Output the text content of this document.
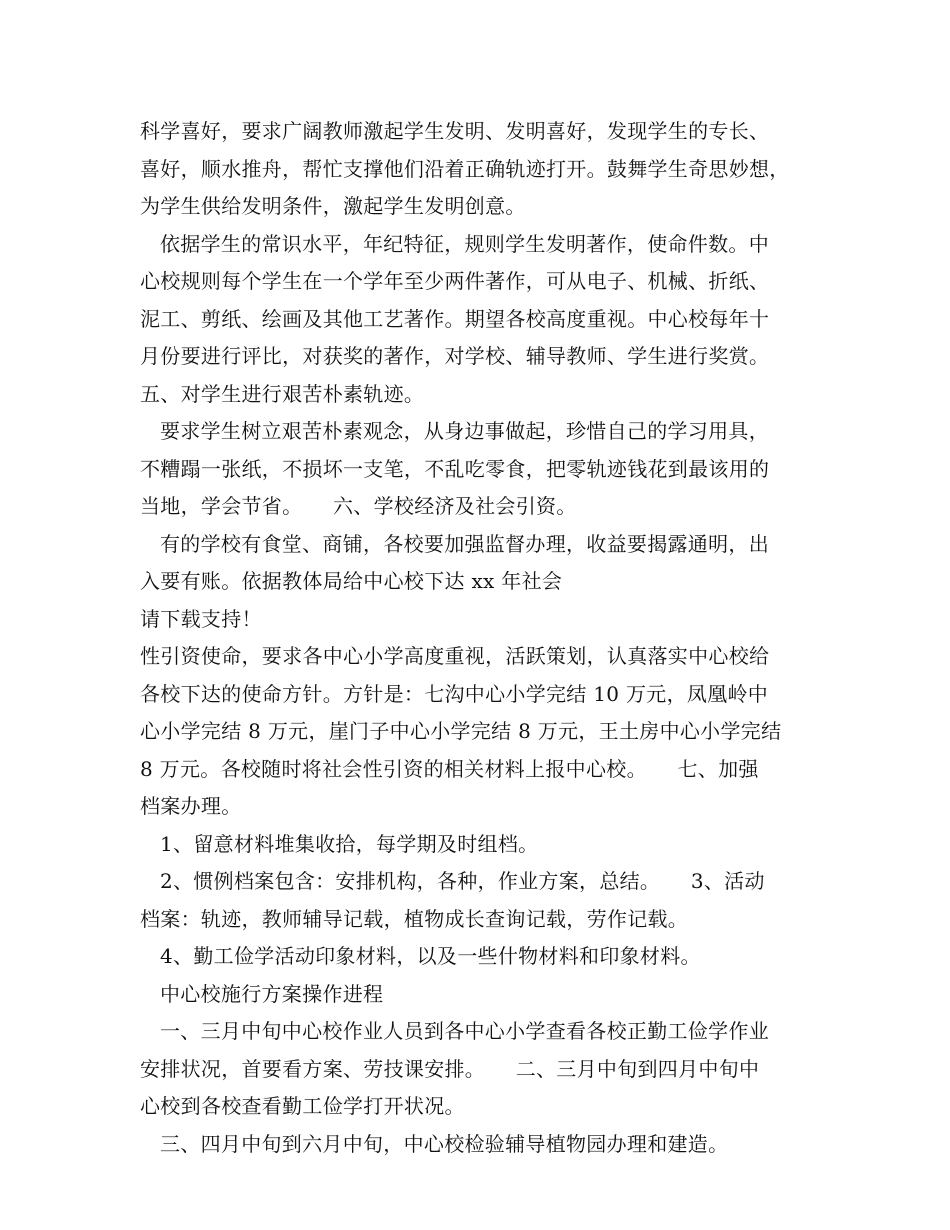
科学喜好，要求广阔教师激起学生发明、发明喜好，发现学生的专长、
喜好，顺水推舟，帮忙支撑他们沿着正确轨迹打开。鼓舞学生奇思妙想，
为学生供给发明条件，激起学生发明创意。
依据学生的常识水平，年纪特征，规则学生发明著作，使命件数。中
心校规则每个学生在一个学年至少两件著作，可从电子、机械、折纸、
泥工、剪纸、绘画及其他工艺著作。期望各校高度重视。中心校每年十
月份要进行评比，对获奖的著作，对学校、辅导教师、学生进行奖赏。
五、对学生进行艰苦朴素轨迹。
要求学生树立艰苦朴素观念，从身边事做起，珍惜自己的学习用具，
不糟蹋一张纸，不损坏一支笔，不乱吃零食，把零轨迹钱花到最该用的
当地，学会节省。　　六、学校经济及社会引资。
有的学校有食堂、商铺，各校要加强监督办理，收益要揭露通明，出
入要有账。依据教体局给中心校下达 xx 年社会
请下载支持！
性引资使命，要求各中心小学高度重视，活跃策划，认真落实中心校给
各校下达的使命方针。方针是：七沟中心小学完结 10 万元，凤凰岭中
心小学完结 8 万元，崖门子中心小学完结 8 万元，王土房中心小学完结
8 万元。各校随时将社会性引资的相关材料上报中心校。　　七、加强
档案办理。
1、留意材料堆集收拾，每学期及时组档。
2、惯例档案包含：安排机构，各种，作业方案，总结。　　3、活动
档案：轨迹，教师辅导记载，植物成长查询记载，劳作记载。
4、勤工俭学活动印象材料，以及一些什物材料和印象材料。
中心校施行方案操作进程
一、三月中旬中心校作业人员到各中心小学查看各校正勤工俭学作业
安排状况，首要看方案、劳技课安排。　　二、三月中旬到四月中旬中
心校到各校查看勤工俭学打开状况。
三、四月中旬到六月中旬，中心校检验辅导植物园办理和建造。
